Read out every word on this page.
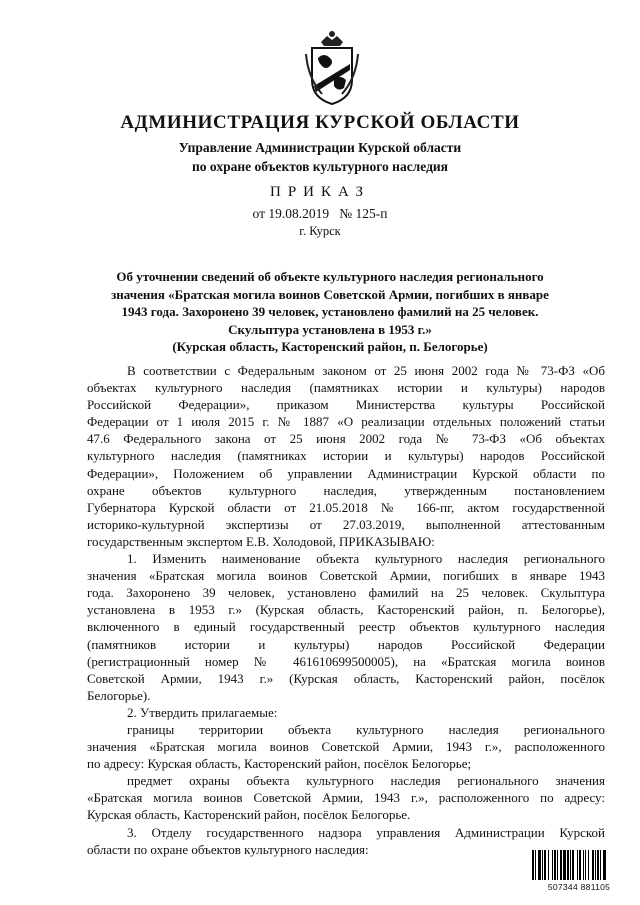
АДМИНИСТРАЦИЯ КУРСКОЙ ОБЛАСТИ
Управление Администрации Курской области
по охране объектов культурного наследия
ПРИКАЗ
от 19.08.2019 № 125-п
г. Курск
Об уточнении сведений об объекте культурного наследия регионального
значения «Братская могила воинов Советской Армии, погибших в январе
1943 года. Захоронено 39 человек, установлено фамилий на 25 человек.
Скульптура установлена в 1953 г.»
(Курская область, Касторенский район, п. Белогорье)
В соответствии с Федеральным законом от 25 июня 2002 года № 73-ФЗ «Об
объектах культурного наследия (памятниках истории и культуры) народов
Российской Федерации», приказом Министерства культуры Российской
Федерации от 1 июля 2015 г. № 1887 «О реализации отдельных положений статьи
47.6 Федерального закона от 25 июня 2002 года № 73-ФЗ «Об объектах
культурного наследия (памятниках истории и культуры) народов Российской
Федерации», Положением об управлении Администрации Курской области по
охране объектов культурного наследия, утвержденным постановлением
Губернатора Курской области от 21.05.2018 № 166-пг, актом государственной
историко-культурной экспертизы от 27.03.2019, выполненной аттестованным
государственным экспертом Е.В. Холодовой, ПРИКАЗЫВАЮ:
1. Изменить наименование объекта культурного наследия регионального
значения «Братская могила воинов Советской Армии, погибших в январе 1943
года. Захоронено 39 человек, установлено фамилий на 25 человек. Скульптура
установлена в 1953 г.» (Курская область, Касторенский район, п. Белогорье),
включенного в единый государственный реестр объектов культурного наследия
(памятников истории и культуры) народов Российской Федерации
(регистрационный номер № 461610699500005), на «Братская могила воинов
Советской Армии, 1943 г.» (Курская область, Касторенский район, посёлок
Белогорье).
2. Утвердить прилагаемые:
границы территории объекта культурного наследия регионального
значения «Братская могила воинов Советской Армии, 1943 г.», расположенного
по адресу: Курская область, Касторенский район, посёлок Белогорье;
предмет охраны объекта культурного наследия регионального значения
«Братская могила воинов Советской Армии, 1943 г.», расположенного по адресу:
Курская область, Касторенский район, посёлок Белогорье.
3. Отделу государственного надзора управления Администрации Курской
области по охране объектов культурного наследия:
507344 881105
